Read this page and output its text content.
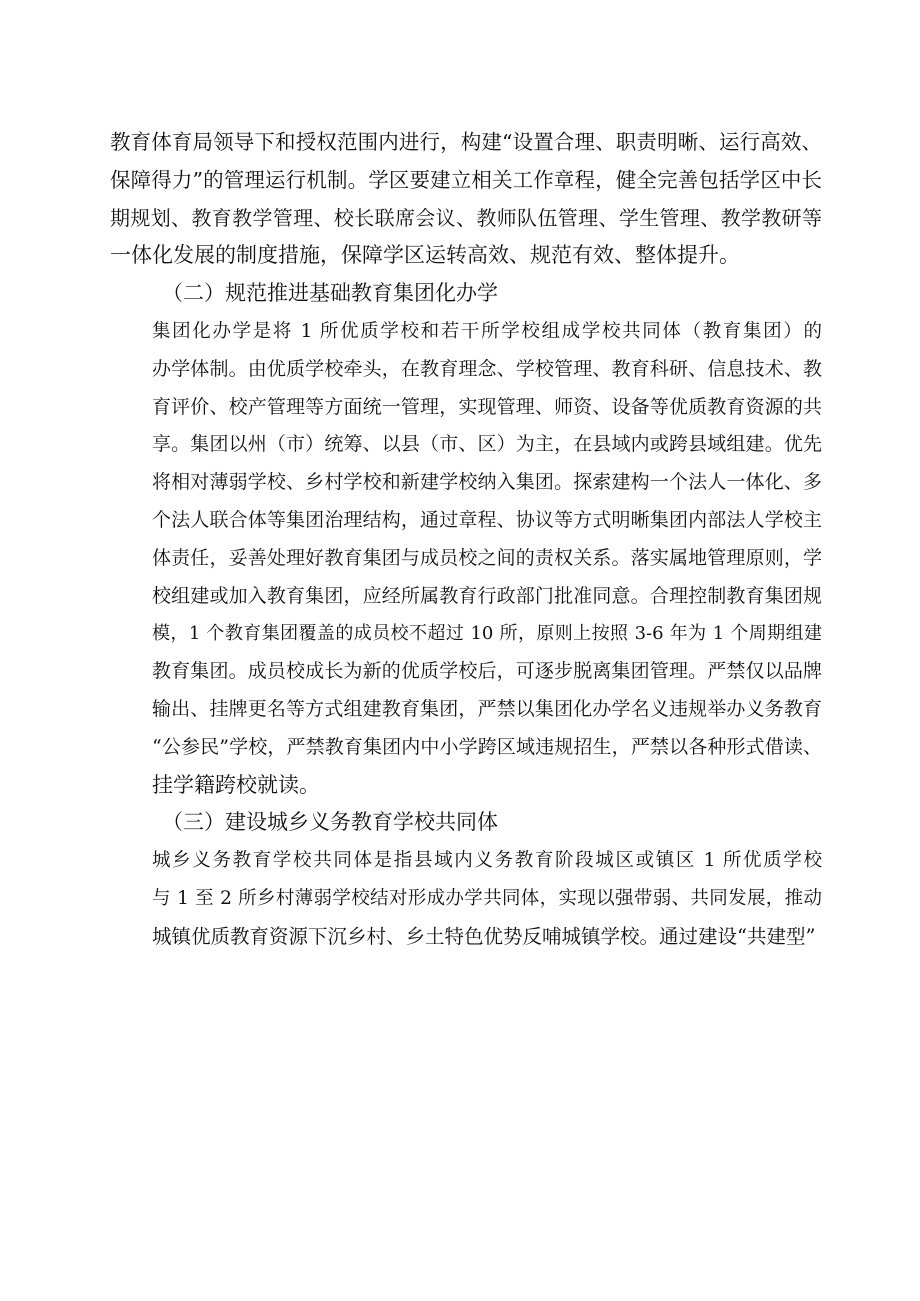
教育体育局领导下和授权范围内进行，构建“设置合理、职责明晰、运行高效、
保障得力”的管理运行机制。学区要建立相关工作章程，健全完善包括学区中长
期规划、教育教学管理、校长联席会议、教师队伍管理、学生管理、教学教研等
一体化发展的制度措施，保障学区运转高效、规范有效、整体提升。
（二）规范推进基础教育集团化办学
集团化办学是将 1 所优质学校和若干所学校组成学校共同体（教育集团）的
办学体制。由优质学校牵头，在教育理念、学校管理、教育科研、信息技术、教
育评价、校产管理等方面统一管理，实现管理、师资、设备等优质教育资源的共
享。集团以州（市）统筹、以县（市、区）为主，在县域内或跨县域组建。优先
将相对薄弱学校、乡村学校和新建学校纳入集团。探索建构一个法人一体化、多
个法人联合体等集团治理结构，通过章程、协议等方式明晰集团内部法人学校主
体责任，妥善处理好教育集团与成员校之间的责权关系。落实属地管理原则，学
校组建或加入教育集团，应经所属教育行政部门批准同意。合理控制教育集团规
模，1 个教育集团覆盖的成员校不超过 10 所，原则上按照 3-6 年为 1 个周期组建
教育集团。成员校成长为新的优质学校后，可逐步脱离集团管理。严禁仅以品牌
输出、挂牌更名等方式组建教育集团，严禁以集团化办学名义违规举办义务教育
“公参民”学校，严禁教育集团内中小学跨区域违规招生，严禁以各种形式借读、
挂学籍跨校就读。
（三）建设城乡义务教育学校共同体
城乡义务教育学校共同体是指县域内义务教育阶段城区或镇区 1 所优质学校
与 1 至 2 所乡村薄弱学校结对形成办学共同体，实现以强带弱、共同发展，推动
城镇优质教育资源下沉乡村、乡土特色优势反哺城镇学校。通过建设“共建型”
